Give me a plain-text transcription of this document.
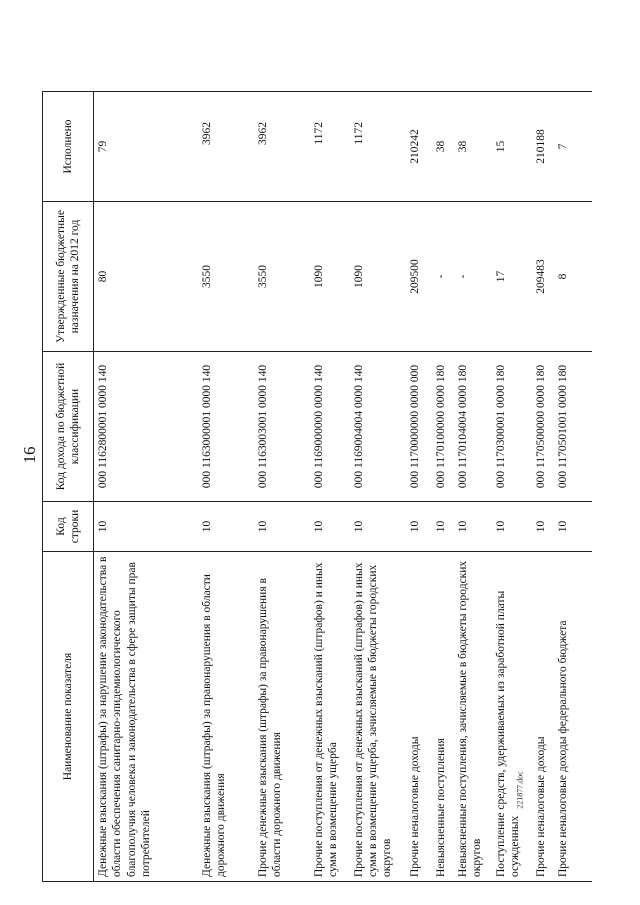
16
Наименование показателя	Код строки	Код дохода по бюджетной классификации	Утвержденные бюджетные назначения на 2012 год	Исполнено
Денежные взыскания (штрафы) за нарушение законодательства в области обеспечения санитарно-эпидемиологического благополучия человека и законодательства в сфере защиты прав потребителей	10	000 1162800001 0000 140	80	79
Денежные взыскания (штрафы) за правонарушения в области дорожного движения	10	000 1163000001 0000 140	3550	3962
Прочие денежные взыскания (штрафы) за правонарушения в области дорожного движения	10	000 1163003001 0000 140	3550	3962
Прочие поступления от денежных взысканий (штрафов) и иных сумм в возмещение ущерба	10	000 1169000000 0000 140	1090	1172
Прочие поступления от денежных взысканий (штрафов) и иных сумм в возмещение ущерба, зачисляемые в бюджеты городских округов	10	000 1169004004 0000 140	1090	1172
Прочие неналоговые доходы	10	000 1170000000 0000 000	209500	210242
Невыясненные поступления	10	000 1170100000 0000 180	-	38
Невыясненные поступления, зачисляемые в бюджеты городских округов	10	000 1170104004 0000 180	-	38
Поступление средств, удерживаемых из заработной платы осужденных	10	000 1170300001 0000 180	17	15
Прочие неналоговые доходы	10	000 1170500000 0000 180	209483	210188
Прочие неналоговые доходы федерального бюджета	10	000 1170501001 0000 180	8	7
221877.doc
